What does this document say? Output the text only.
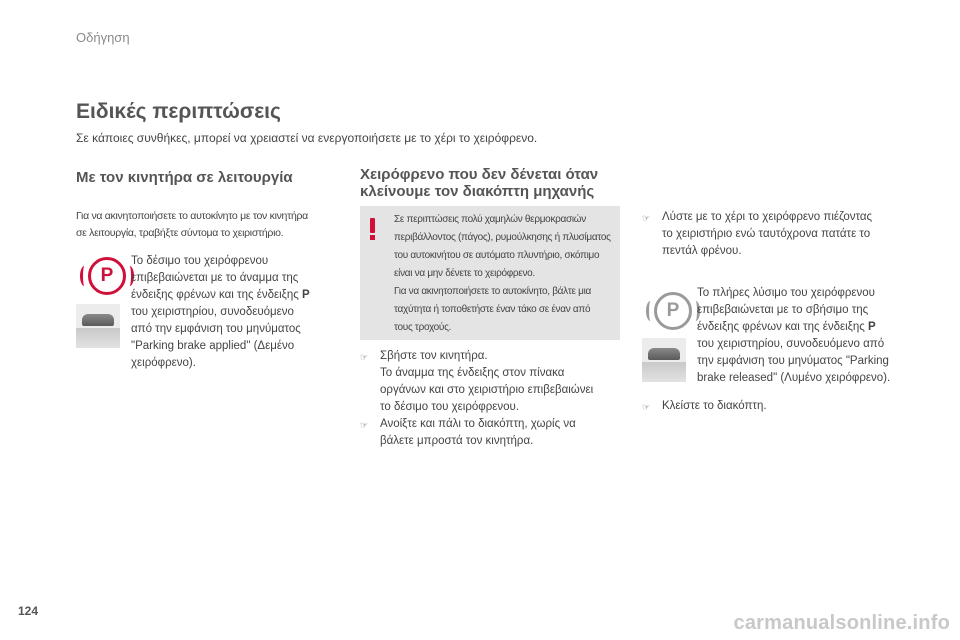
Οδήγηση
Ειδικές περιπτώσεις
Σε κάποιες συνθήκες, μπορεί να χρειαστεί να ενεργοποιήσετε με το χέρι το χειρόφρενο.
Με τον κινητήρα σε λειτουργία
Για να ακινητοποιήσετε το αυτοκίνητο με τον κινητήρα
σε λειτουργία, τραβήξτε σύντομα το χειριστήριο.
P
Το δέσιμο του χειρόφρενου
επιβεβαιώνεται με το άναμμα της
ένδειξης φρένων και της ένδειξης P
του χειριστηρίου, συνοδευόμενο
από την εμφάνιση του μηνύματος
"Parking brake applied" (Δεμένο
χειρόφρενο).
Χειρόφρενο που δεν δένεται όταν
κλείνουμε τον διακόπτη μηχανής
Σε περιπτώσεις πολύ χαμηλών θερμοκρασιών
περιβάλλοντος (πάγος), ρυμούλκησης ή πλυσίματος
του αυτοκινήτου σε αυτόματο πλυντήριο, σκόπιμο
είναι να μην δένετε το χειρόφρενο.
Για να ακινητοποιήσετε το αυτοκίνητο, βάλτε μια
ταχύτητα ή τοποθετήστε έναν τάκο σε έναν από
τους τροχούς.
☞	Σβήστε τον κινητήρα.
Το άναμμα της ένδειξης στον πίνακα
οργάνων και στο χειριστήριο επιβεβαιώνει
το δέσιμο του χειρόφρενου.
☞	Ανοίξτε και πάλι το διακόπτη, χωρίς να
βάλετε μπροστά τον κινητήρα.
☞	Λύστε με το χέρι το χειρόφρενο πιέζοντας
το χειριστήριο ενώ ταυτόχρονα πατάτε το
πεντάλ φρένου.
P
Το πλήρες λύσιμο του χειρόφρενου
επιβεβαιώνεται με το σβήσιμο της
ένδειξης φρένων και της ένδειξης P
του χειριστηρίου, συνοδευόμενο από
την εμφάνιση του μηνύματος "Parking
brake released" (Λυμένο χειρόφρενο).
☞	Κλείστε το διακόπτη.
124
carmanualsonline.info
